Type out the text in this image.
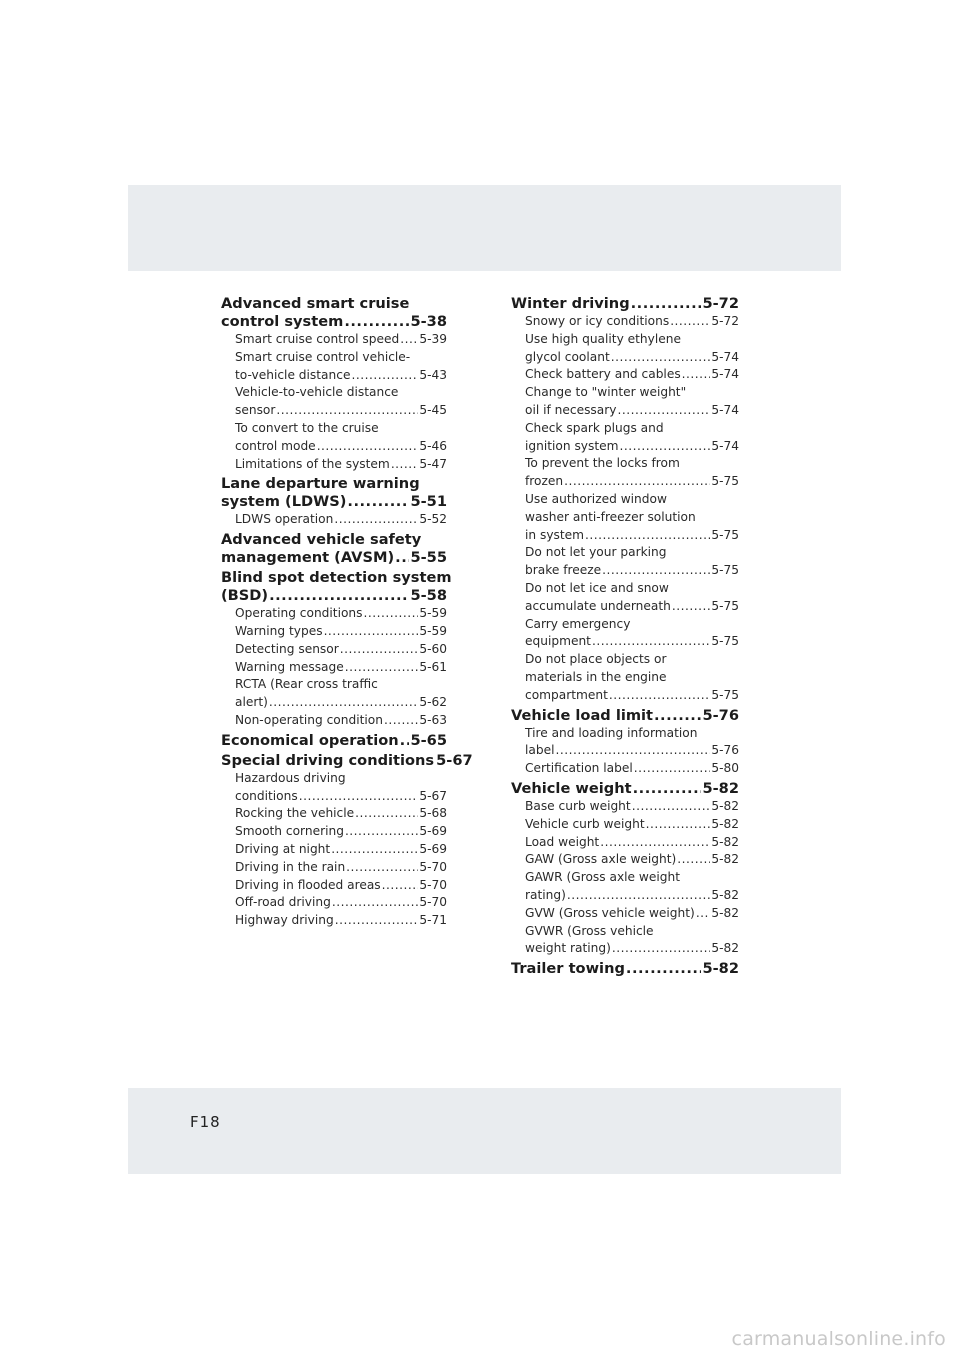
Advanced smart cruise
control system .....	5-38
Smart cruise control speed ..... 5-39
Smart cruise control vehicle-
to-vehicle distance .....	5-43
Vehicle-to-vehicle distance
sensor .....	5-45
To convert to the cruise
control mode .....	5-46
Limitations of the system ..... 5-47
Lane departure warning
system (LDWS) .....	5-51
LDWS operation .....	5-52
Advanced vehicle safety
management (AVSM) ..... 5-55
Blind spot detection system
(BSD) .....	5-58
Operating conditions .....	5-59
Warning types .....	5-59
Detecting sensor .....	5-60
Warning message .....	5-61
RCTA (Rear cross traffic
alert) .....	5-62
Non-operating condition .....	5-63
Economical operation ..... 5-65
Special driving conditions 5-67
Hazardous driving
conditions .....	5-67
Rocking the vehicle .....	5-68
Smooth cornering .....	5-69
Driving at night .....	5-69
Driving in the rain .....	5-70
Driving in flooded areas .....	5-70
Off-road driving .....	5-70
Highway driving .....	5-71
Winter driving .....	5-72
Snowy or icy conditions .....	5-72
Use high quality ethylene
glycol coolant .....	5-74
Check battery and cables .....	5-74
Change to "winter weight"
oil if necessary .....	5-74
Check spark plugs and
ignition system .....	5-74
To prevent the locks from
frozen .....	5-75
Use authorized window
washer anti-freezer solution
in system .....	5-75
Do not let your parking
brake freeze .....	5-75
Do not let ice and snow
accumulate underneath .....	5-75
Carry emergency
equipment .....	5-75
Do not place objects or
materials in the engine
compartment .....	5-75
Vehicle load limit .....	5-76
Tire and loading information
label .....	5-76
Certification label .....	5-80
Vehicle weight .....	5-82
Base curb weight .....	5-82
Vehicle curb weight .....	5-82
Load weight .....	5-82
GAW (Gross axle weight) .....	5-82
GAWR (Gross axle weight
rating) .....	5-82
GVW (Gross vehicle weight) ..... 5-82
GVWR (Gross vehicle
weight rating) .....	5-82
Trailer towing .....	5-82
F18
carmanualsonline.info
